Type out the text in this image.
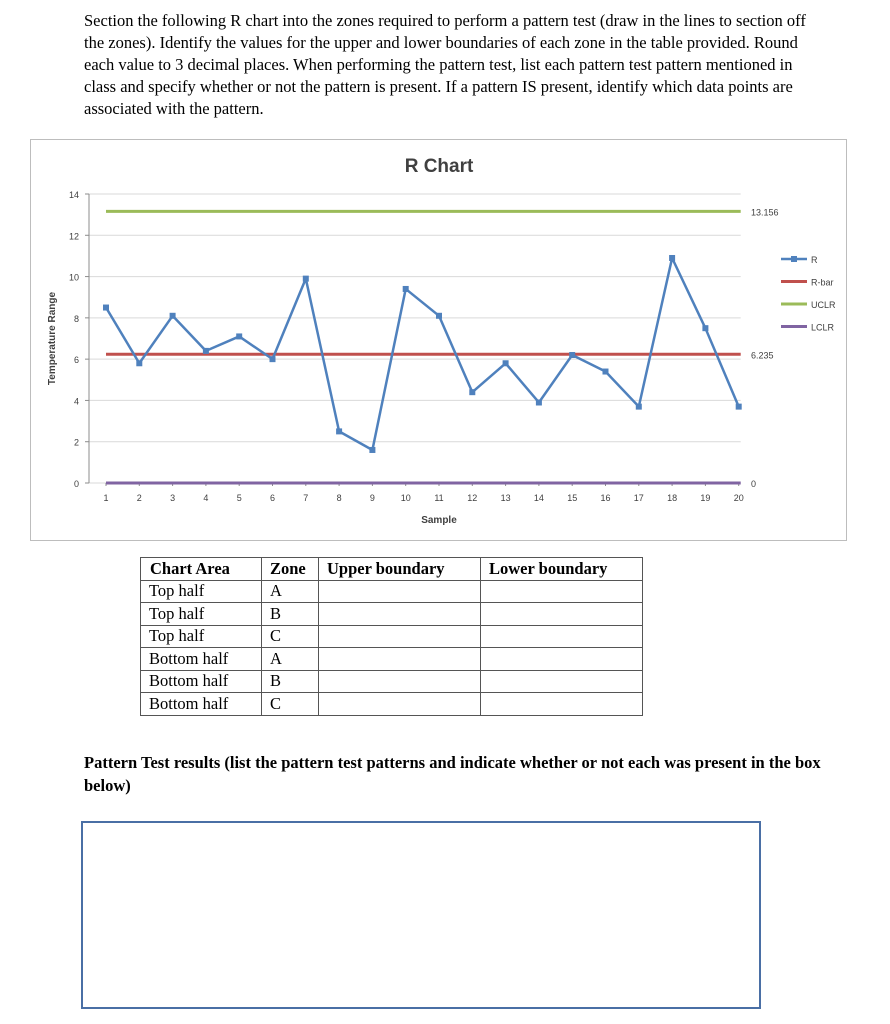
Section the following R chart into the zones required to perform a pattern test (draw in the lines to section off the zones). Identify the values for the upper and lower boundaries of each zone in the table provided. Round each value to 3 decimal places. When performing the pattern test, list each pattern test pattern mentioned in class and specify whether or not the pattern is present. If a pattern IS present, identify which data points are associated with the pattern.
R Chart
0
2
4
6
8
10
12
14
1	2	3	4	5	6	7	8	9	10	11	12	13	14	15	16	17	18	19	20
Sample
Temperature Range	6.235
13.156
0
R
R-bar
UCLR
LCLR
Chart Area	Zone	Upper boundary	Lower boundary
Top half	A		
Top half	B		
Top half	C		
Bottom half	A		
Bottom half	B		
Bottom half	C		
Pattern Test results (list the pattern test patterns and indicate whether or not each was present in the box below)
